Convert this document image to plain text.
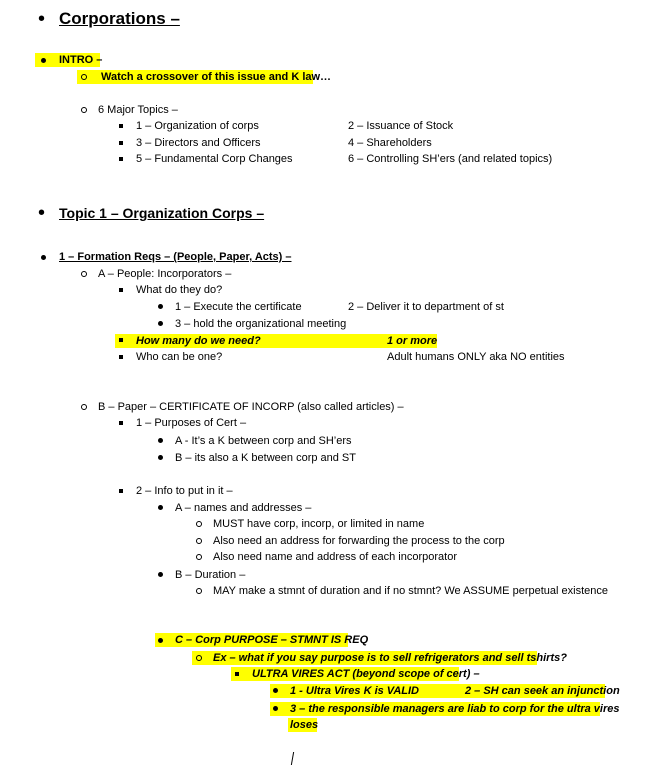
• Corporations –
INTRO –
Watch a crossover of this issue and K law…
6 Major Topics –
1 – Organization of corps	2 – Issuance of Stock
3 – Directors and Officers	4 – Shareholders
5 – Fundamental Corp Changes	6 – Controlling SH’ers (and related topics)
• Topic 1 – Organization Corps –
1 – Formation Reqs – (People, Paper, Acts) –
A – People: Incorporators –
What do they do?
1 – Execute the certificate	2 – Deliver it to department of st
3 – hold the organizational meeting
How many do we need?	1 or more
Who can be one?	Adult humans ONLY aka NO entities
B – Paper – CERTIFICATE OF INCORP (also called articles) –
1 – Purposes of Cert –
A - It’s a K between corp and SH’ers
B – its also a K between corp and ST
2 – Info to put in it –
A – names and addresses –
MUST have corp, incorp, or limited in name
Also need an address for forwarding the process to the corp
Also need name and address of each incorporator
B – Duration –
MAY make a stmnt of duration and if no stmnt? We ASSUME perpetual existence
C – Corp PURPOSE – STMNT IS REQ
Ex – what if you say purpose is to sell refrigerators and sell tshirts?
ULTRA VIRES ACT (beyond scope of cert) –
1 - Ultra Vires K is VALID	2 – SH can seek an injunction
3 – the responsible managers are liab to corp for the ultra vires
loses
